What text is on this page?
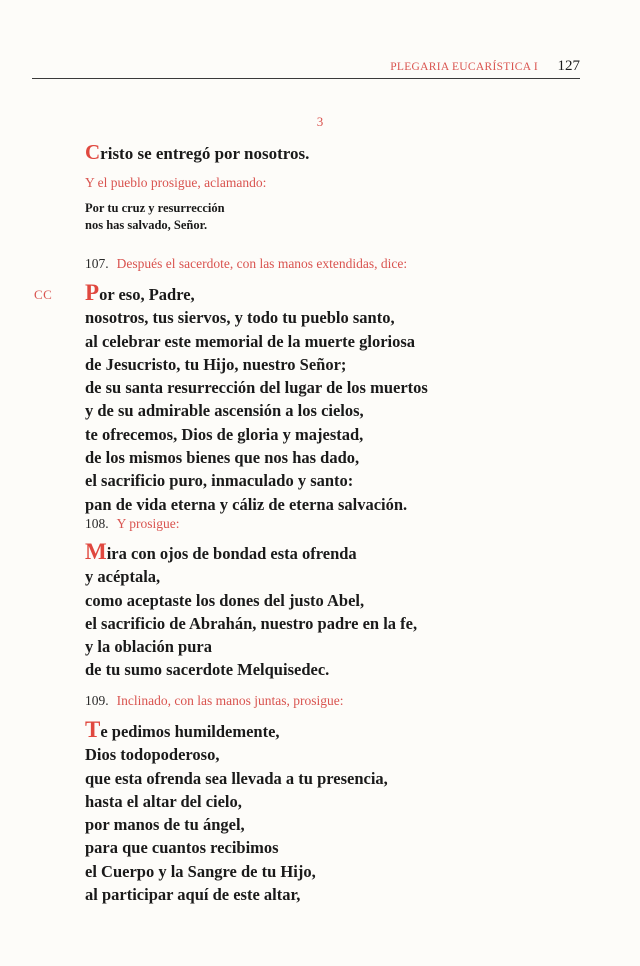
PLEGARIA EUCARÍSTICA I 127
3
Cristo se entregó por nosotros.
Y el pueblo prosigue, aclamando:
Por tu cruz y resurrección
nos has salvado, Señor.
107. Después el sacerdote, con las manos extendidas, dice:
CC Por eso, Padre,
nosotros, tus siervos, y todo tu pueblo santo,
al celebrar este memorial de la muerte gloriosa
de Jesucristo, tu Hijo, nuestro Señor;
de su santa resurrección del lugar de los muertos
y de su admirable ascensión a los cielos,
te ofrecemos, Dios de gloria y majestad,
de los mismos bienes que nos has dado,
el sacrificio puro, inmaculado y santo:
pan de vida eterna y cáliz de eterna salvación.
108. Y prosigue:
Mira con ojos de bondad esta ofrenda
y acéptala,
como aceptaste los dones del justo Abel,
el sacrificio de Abrahán, nuestro padre en la fe,
y la oblación pura
de tu sumo sacerdote Melquisedec.
109. Inclinado, con las manos juntas, prosigue:
Te pedimos humildemente,
Dios todopoderoso,
que esta ofrenda sea llevada a tu presencia,
hasta el altar del cielo,
por manos de tu ángel,
para que cuantos recibimos
el Cuerpo y la Sangre de tu Hijo,
al participar aquí de este altar,
